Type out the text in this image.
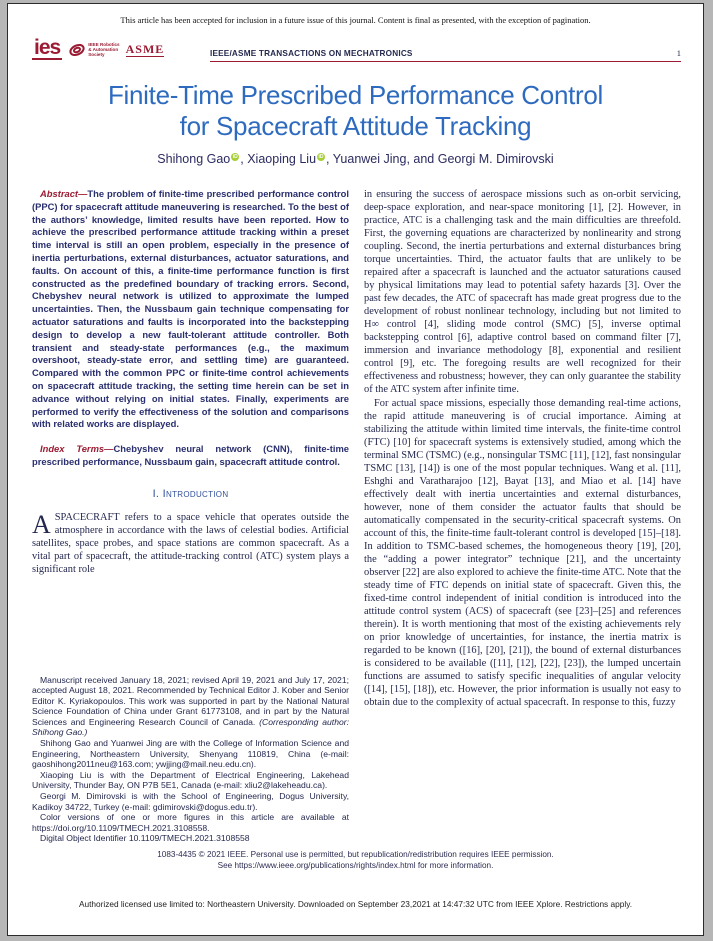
This article has been accepted for inclusion in a future issue of this journal. Content is final as presented, with the exception of pagination.
ies	IEEE Robotics
& Automation
Society	ASME	IEEE/ASME TRANSACTIONS ON MECHATRONICS	1
Finite-Time Prescribed Performance Control
for Spacecraft Attitude Tracking
Shihong Gao iD , Xiaoping Liu iD , Yuanwei Jing, and Georgi M. Dimirovski

Abstract—The problem of finite-time prescribed performance control (PPC) for spacecraft attitude maneuvering is researched. To the best of the authors’ knowledge, limited results have been reported. How to achieve the prescribed performance attitude tracking within a preset time interval is still an open problem, especially in the presence of inertia perturbations, external disturbances, actuator saturations, and faults. On account of this, a finite-time performance function is first constructed as the predefined boundary of tracking errors. Second, Chebyshev neural network is utilized to approximate the lumped uncertainties. Then, the Nussbaum gain technique compensating for actuator saturations and faults is incorporated into the backstepping design to develop a new fault-tolerant attitude controller. Both transient and steady-state performances (e.g., the maximum overshoot, steady-state error, and settling time) are guaranteed. Compared with the common PPC or finite-time control achievements on spacecraft attitude tracking, the setting time herein can be set in advance without relying on initial states. Finally, experiments are performed to verify the effectiveness of the solution and comparisons with related works are displayed.

Index Terms—Chebyshev neural network (CNN), finite-time prescribed performance, Nussbaum gain, spacecraft attitude control.

I. Introduction

ASPACECRAFT refers to a space vehicle that operates outside the atmosphere in accordance with the laws of celestial bodies. Artificial satellites, space probes, and space stations are common spacecraft. As a vital part of spacecraft, the attitude-tracking control (ATC) system plays a significant role

Manuscript received January 18, 2021; revised April 19, 2021 and July 17, 2021; accepted August 18, 2021. Recommended by Technical Editor J. Kober and Senior Editor K. Kyriakopoulos. This work was supported in part by the National Natural Science Foundation of China under Grant 61773108, and in part by the Natural Sciences and Engineering Research Council of Canada. (Corresponding author: Shihong Gao.)

Shihong Gao and Yuanwei Jing are with the College of Information Science and Engineering, Northeastern University, Shenyang 110819, China (e-mail: gaoshihong2011neu@163.com; ywjjing@mail.neu.edu.cn).

Xiaoping Liu is with the Department of Electrical Engineering, Lakehead University, Thunder Bay, ON P7B 5E1, Canada (e-mail: xliu2@lakeheadu.ca).

Georgi M. Dimirovski is with the School of Engineering, Dogus University, Kadikoy 34722, Turkey (e-mail: gdimirovski@dogus.edu.tr).

Color versions of one or more figures in this article are available at https://doi.org/10.1109/TMECH.2021.3108558.

Digital Object Identifier 10.1109/TMECH.2021.3108558

in ensuring the success of aerospace missions such as on-orbit servicing, deep-space exploration, and near-space monitoring [1], [2]. However, in practice, ATC is a challenging task and the main difficulties are threefold. First, the governing equations are characterized by nonlinearity and strong coupling. Second, the inertia perturbations and external disturbances bring torque uncertainties. Third, the actuator faults that are unlikely to be repaired after a spacecraft is launched and the actuator saturations caused by physical limitations may lead to potential safety hazards [3]. Over the past few decades, the ATC of spacecraft has made great progress due to the development of robust nonlinear technology, including but not limited to H∞ control [4], sliding mode control (SMC) [5], inverse optimal backstepping control [6], adaptive control based on command filter [7], immersion and invariance methodology [8], exponential and resilient control [9], etc. The foregoing results are well recognized for their effectiveness and robustness; however, they can only guarantee the stability of the ATC system after infinite time.

For actual space missions, especially those demanding real-time actions, the rapid attitude maneuvering is of crucial importance. Aiming at stabilizing the attitude within limited time intervals, the finite-time control (FTC) [10] for spacecraft systems is extensively studied, among which the terminal SMC (TSMC) (e.g., nonsingular TSMC [11], [12], fast nonsingular TSMC [13], [14]) is one of the most popular techniques. Wang et al. [11], Eshghi and Varatharajoo [12], Bayat [13], and Miao et al. [14] have effectively dealt with inertia uncertainties and external disturbances, however, none of them consider the actuator faults that should be automatically compensated in the security-critical spacecraft systems. On account of this, the finite-time fault-tolerant control is developed [15]–[18]. In addition to TSMC-based schemes, the homogeneous theory [19], [20], the “adding a power integrator” technique [21], and the uncertainty observer [22] are also explored to achieve the finite-time ATC. Note that the steady time of FTC depends on initial state of spacecraft. Given this, the fixed-time control independent of initial condition is introduced into the attitude control system (ACS) of spacecraft (see [23]–[25] and references therein). It is worth mentioning that most of the existing achievements rely on prior knowledge of uncertainties, for instance, the inertia matrix is regarded to be known ([16], [20], [21]), the bound of external disturbances is considered to be available ([11], [12], [22], [23]), the lumped uncertain functions are assumed to satisfy specific inequalities of angular velocity ([14], [15], [18]), etc. However, the prior information is usually not easy to obtain due to the complexity of actual spacecraft. In response to this, fuzzy

1083-4435 © 2021 IEEE. Personal use is permitted, but republication/redistribution requires IEEE permission.
See https://www.ieee.org/publications/rights/index.html for more information.
Authorized licensed use limited to: Northeastern University. Downloaded on September 23,2021 at 14:47:32 UTC from IEEE Xplore. Restrictions apply.
